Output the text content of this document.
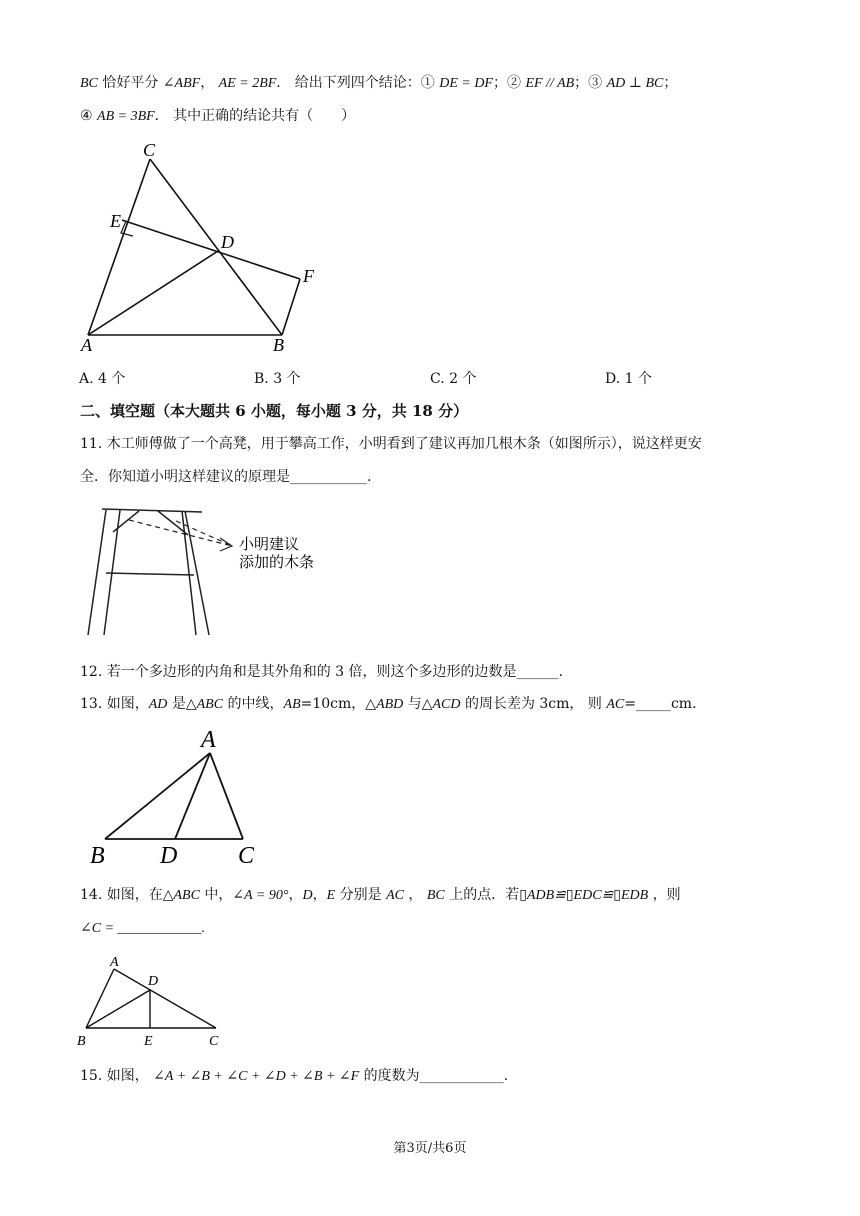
BC 恰好平分 ∠ABF， AE = 2BF． 给出下列四个结论：① DE = DF；② EF // AB；③ AD ⊥ BC；
④ AB = 3BF． 其中正确的结论共有（　　）
C
E
D
F
A	B
A. 4 个	B. 3 个	C. 2 个	D. 1 个
二、填空题（本大题共 6 小题，每小题 3 分，共 18 分）
11. 木工师傅做了一个高凳，用于攀高工作，小明看到了建议再加几根木条（如图所示），说这样更安
全．你知道小明这样建议的原理是___________.
小明建议
添加的木条
12. 若一个多边形的内角和是其外角和的 3 倍，则这个多边形的边数是______.
13. 如图，AD 是△ABC 的中线，AB=10cm，△ABD 与△ACD 的周长差为 3cm， 则 AC=_____cm.
A
B D	C
14. 如图，在△ABC 中，∠A = 90°，D，E 分别是 AC ， BC 上的点．若▯ADB≌▯EDC≌▯EDB ，则
∠C = ____________.
A
D
B	E	C
15. 如图， ∠A + ∠B + ∠C + ∠D + ∠B + ∠F 的度数为____________.
第3页/共6页
